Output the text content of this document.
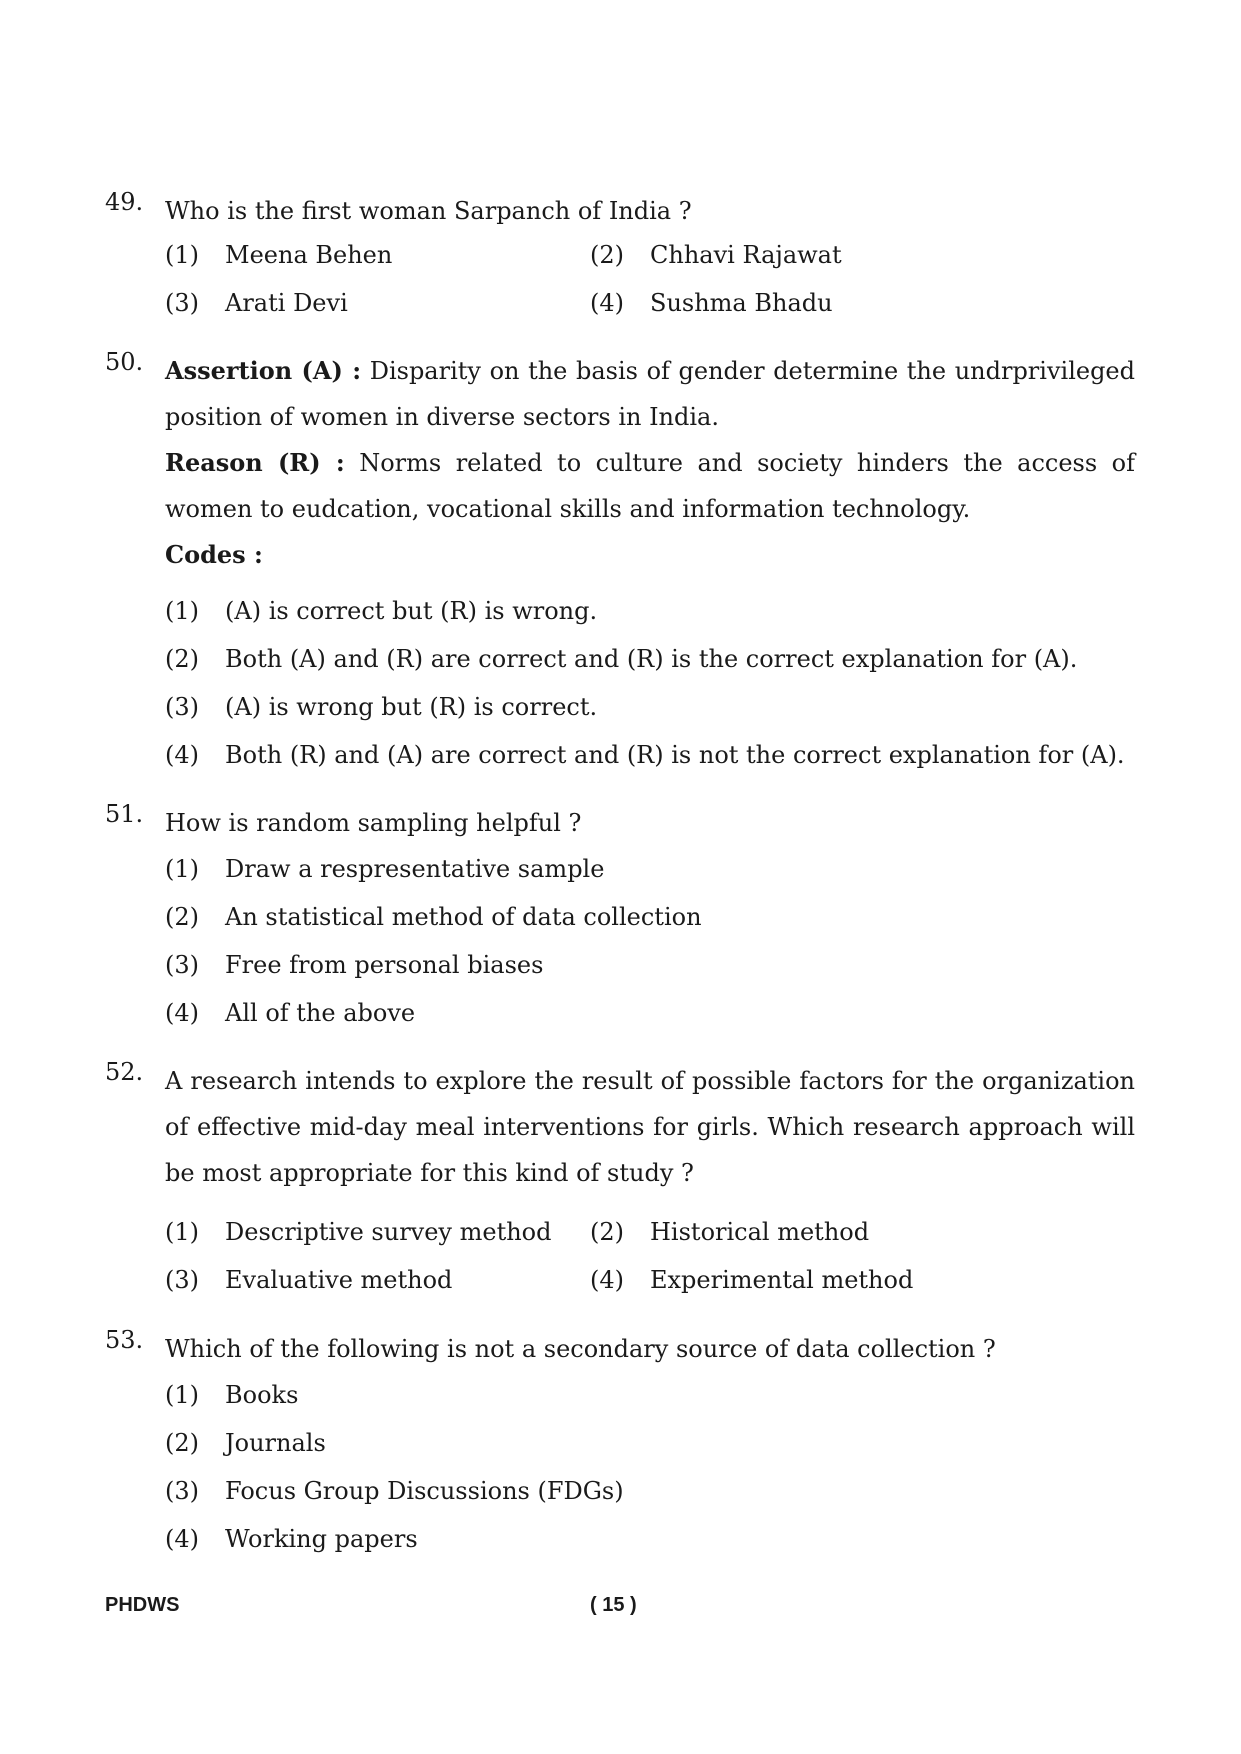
49. Who is the first woman Sarpanch of India ?
(1) Meena Behen	(2) Chhavi Rajawat
(3) Arati Devi	(4) Sushma Bhadu
50. Assertion (A) : Disparity on the basis of gender determine the undrprivileged position of women in diverse sectors in India.
Reason (R) : Norms related to culture and society hinders the access of women to eudcation, vocational skills and information technology.
Codes :
(1) (A) is correct but (R) is wrong.
(2) Both (A) and (R) are correct and (R) is the correct explanation for (A).
(3) (A) is wrong but (R) is correct.
(4) Both (R) and (A) are correct and (R) is not the correct explanation for (A).
51. How is random sampling helpful ?
(1) Draw a respresentative sample
(2) An statistical method of data collection
(3) Free from personal biases
(4) All of the above
52. A research intends to explore the result of possible factors for the organization of effective mid-day meal interventions for girls. Which research approach will be most appropriate for this kind of study ?
(1) Descriptive survey method (2) Historical method
(3) Evaluative method	(4) Experimental method
53. Which of the following is not a secondary source of data collection ?
(1) Books
(2) Journals
(3) Focus Group Discussions (FDGs)
(4) Working papers
PHDWS	( 15 )
